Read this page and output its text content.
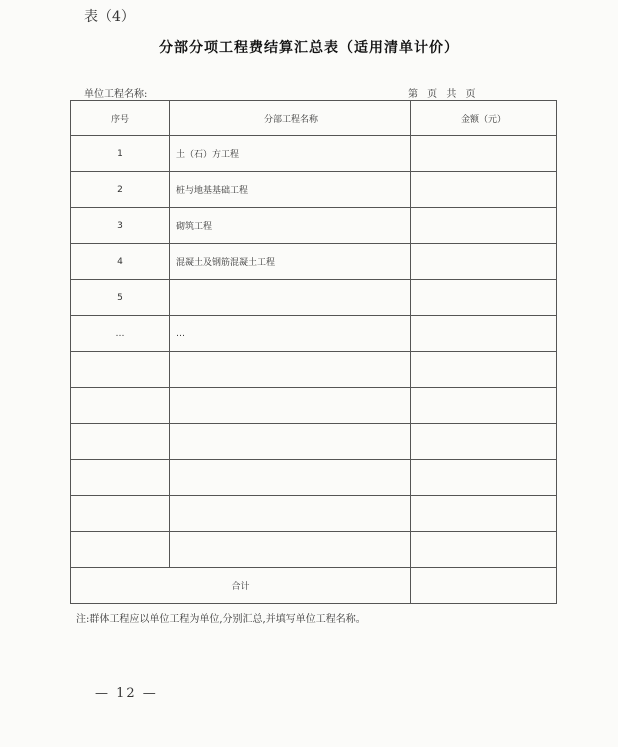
表（4）
分部分项工程费结算汇总表（适用清单计价）
单位工程名称:	第 页 共 页
序号	分部工程名称	金额（元）
1	土（石）方工程	
2	桩与地基基础工程	
3	砌筑工程	
4	混凝土及钢筋混凝土工程	
5		
…	…	

合计		
注:群体工程应以单位工程为单位,分别汇总,并填写单位工程名称。
— 12 —
